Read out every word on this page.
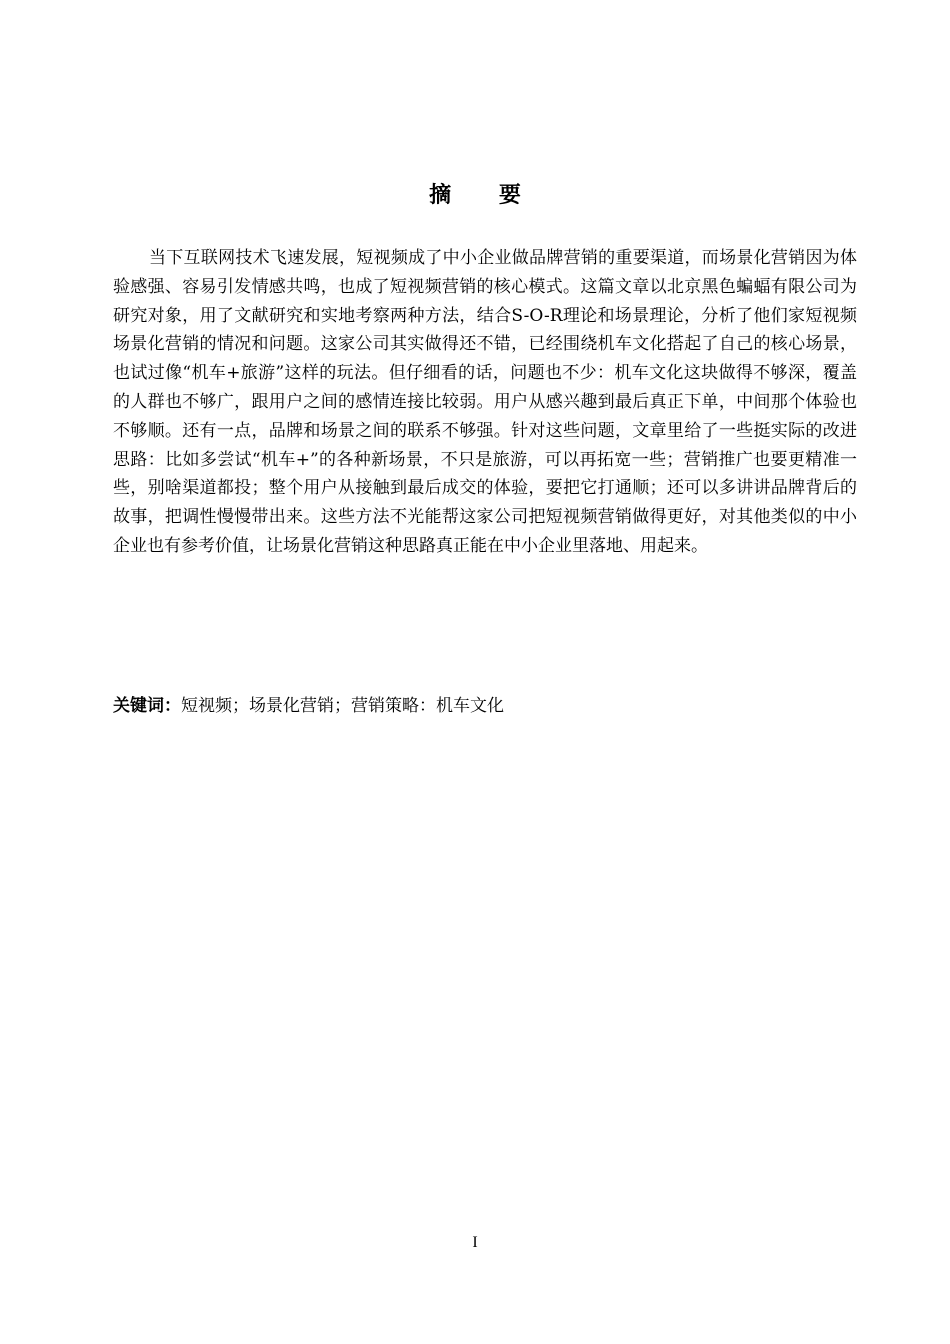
摘 要

当下互联网技术飞速发展，短视频成了中小企业做品牌营销的重要渠道，而场景化营销因为体验感强、容易引发情感共鸣，也成了短视频营销的核心模式。这篇文章以北京黑色蝙蝠有限公司为研究对象，用了文献研究和实地考察两种方法，结合S-O-R理论和场景理论，分析了他们家短视频场景化营销的情况和问题。这家公司其实做得还不错，已经围绕机车文化搭起了自己的核心场景，也试过像“机车+旅游”这样的玩法。但仔细看的话，问题也不少：机车文化这块做得不够深，覆盖的人群也不够广，跟用户之间的感情连接比较弱。用户从感兴趣到最后真正下单，中间那个体验也不够顺。还有一点，品牌和场景之间的联系不够强。针对这些问题，文章里给了一些挺实际的改进思路：比如多尝试“机车+”的各种新场景，不只是旅游，可以再拓宽一些；营销推广也要更精准一些，别啥渠道都投；整个用户从接触到最后成交的体验，要把它打通顺；还可以多讲讲品牌背后的故事，把调性慢慢带出来。这些方法不光能帮这家公司把短视频营销做得更好，对其他类似的中小企业也有参考价值，让场景化营销这种思路真正能在中小企业里落地、用起来。

关键词：短视频；场景化营销；营销策略：机车文化
I
